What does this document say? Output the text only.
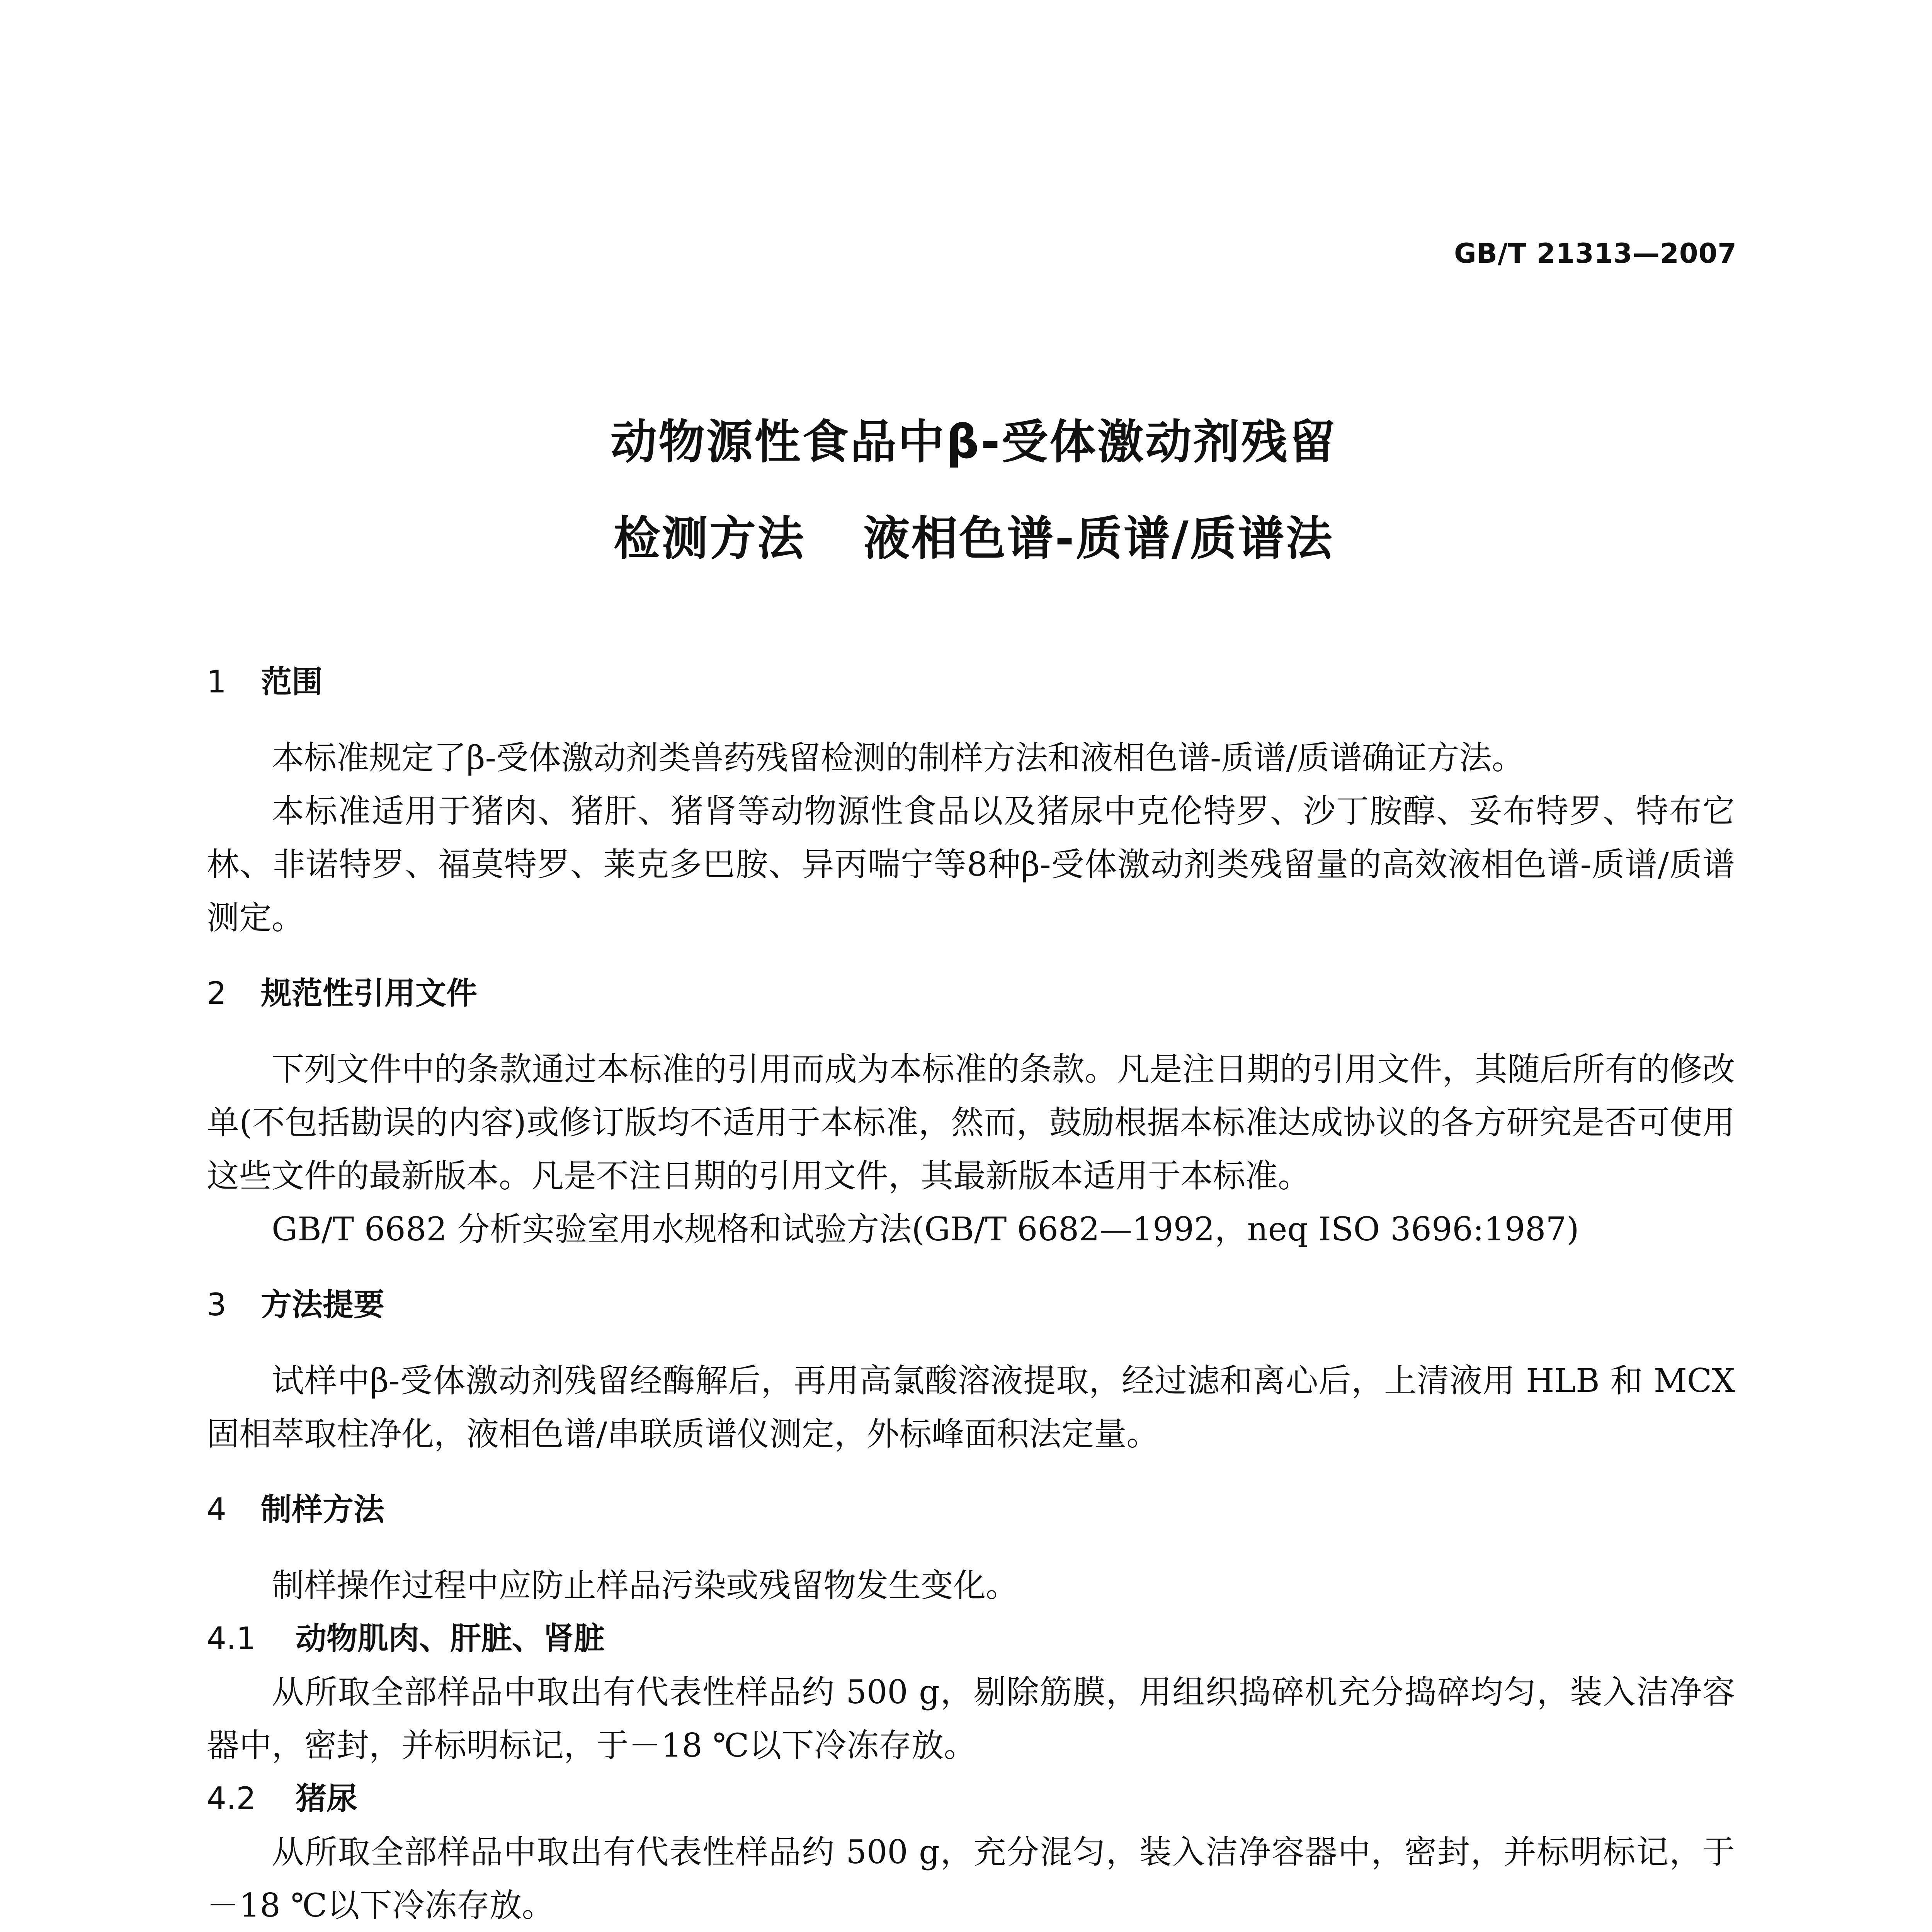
GB/T 21313—2007
动物源性食品中β-受体激动剂残留
检测方法 液相色谱-质谱/质谱法
1 范围

本标准规定了β-受体激动剂类兽药残留检测的制样方法和液相色谱-质谱/质谱确证方法。

本标准适用于猪肉、猪肝、猪肾等动物源性食品以及猪尿中克伦特罗、沙丁胺醇、妥布特罗、特布它林、非诺特罗、福莫特罗、莱克多巴胺、异丙喘宁等8种β-受体激动剂类残留量的高效液相色谱-质谱/质谱测定。

2 规范性引用文件

下列文件中的条款通过本标准的引用而成为本标准的条款。凡是注日期的引用文件，其随后所有的修改单(不包括勘误的内容)或修订版均不适用于本标准，然而，鼓励根据本标准达成协议的各方研究是否可使用这些文件的最新版本。凡是不注日期的引用文件，其最新版本适用于本标准。

GB/T 6682 分析实验室用水规格和试验方法(GB/T 6682—1992，neq ISO 3696:1987)

3 方法提要

试样中β-受体激动剂残留经酶解后，再用高氯酸溶液提取，经过滤和离心后，上清液用 HLB 和 MCX 固相萃取柱净化，液相色谱/串联质谱仪测定，外标峰面积法定量。

4 制样方法

制样操作过程中应防止样品污染或残留物发生变化。

4.1 动物肌肉、肝脏、肾脏

从所取全部样品中取出有代表性样品约 500 g，剔除筋膜，用组织捣碎机充分捣碎均匀，装入洁净容器中，密封，并标明标记，于－18 ℃以下冷冻存放。

4.2 猪尿

从所取全部样品中取出有代表性样品约 500 g，充分混匀，装入洁净容器中，密封，并标明标记，于－18 ℃以下冷冻存放。
